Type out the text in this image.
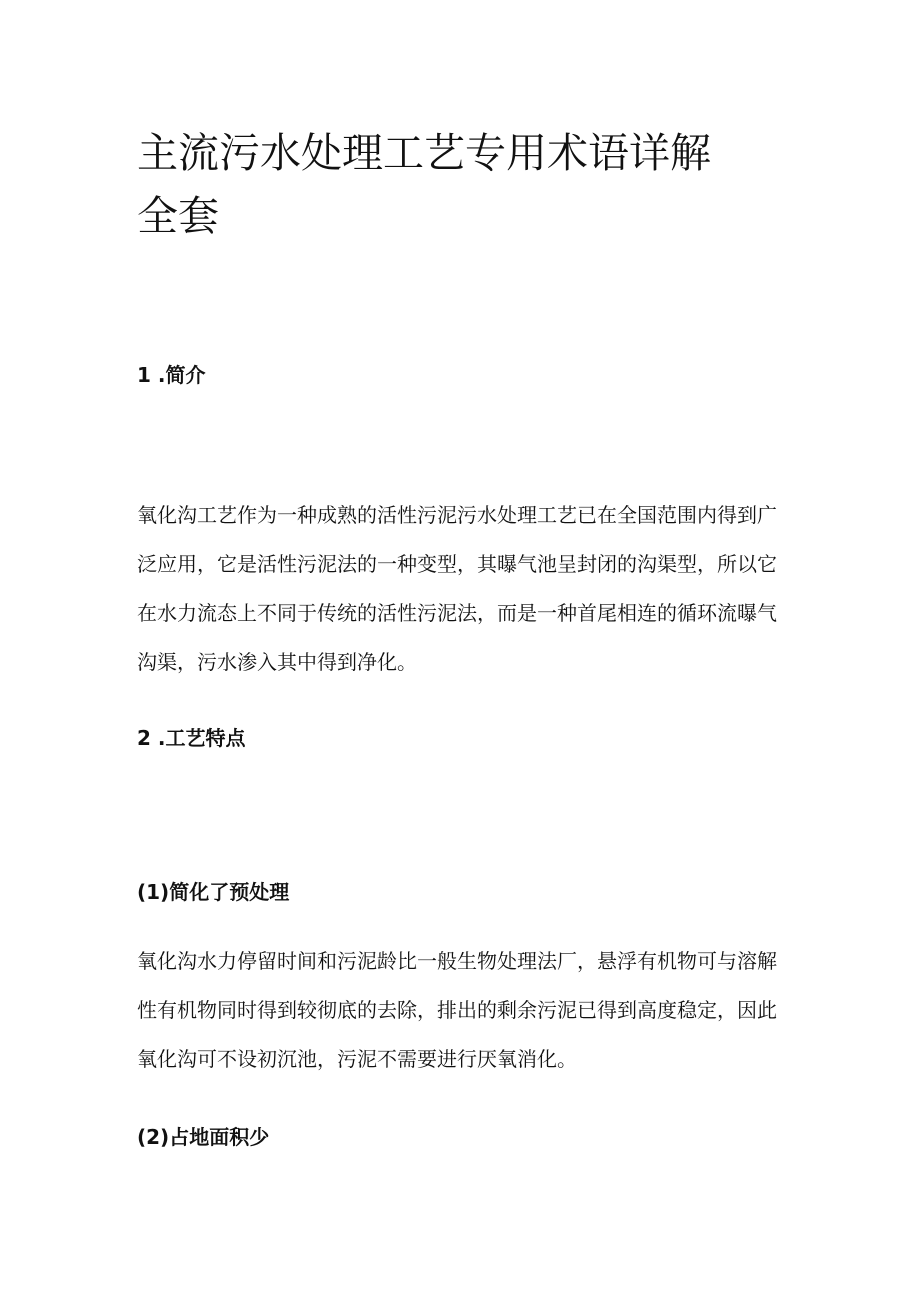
主流污水处理工艺专用术语详解
全套
1 .简介
氧化沟工艺作为一种成熟的活性污泥污水处理工艺已在全国范围内得到广
泛应用，它是活性污泥法的一种变型，其曝气池呈封闭的沟渠型，所以它
在水力流态上不同于传统的活性污泥法，而是一种首尾相连的循环流曝气
沟渠，污水渗入其中得到净化。
2 .工艺特点
(1)简化了预处理
氧化沟水力停留时间和污泥龄比一般生物处理法厂，悬浮有机物可与溶解
性有机物同时得到较彻底的去除，排出的剩余污泥已得到高度稳定，因此
氧化沟可不设初沉池，污泥不需要进行厌氧消化。
(2)占地面积少
